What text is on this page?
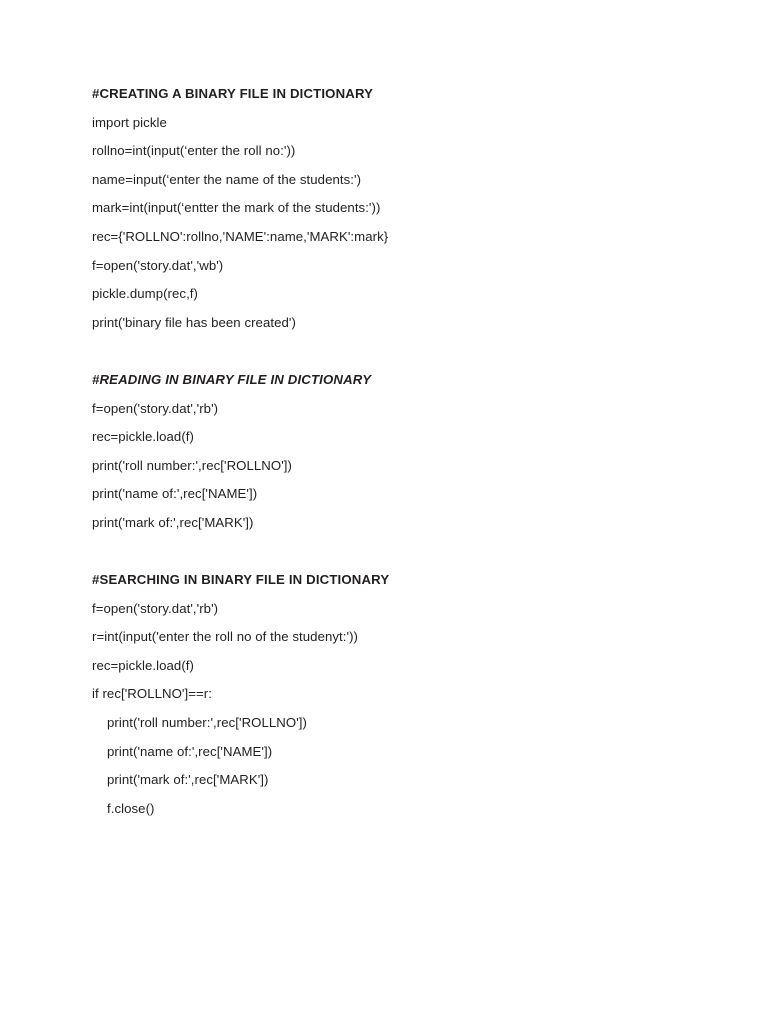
#CREATING A BINARY FILE IN DICTIONARY
import pickle
rollno=int(input(‘enter the roll no:'))
name=input(‘enter the name of the students:')
mark=int(input(‘entter the mark of the students:'))
rec={'ROLLNO':rollno,'NAME':name,'MARK':mark}
f=open('story.dat','wb')
pickle.dump(rec,f)
print('binary file has been created')
#READING IN BINARY FILE IN DICTIONARY
f=open('story.dat','rb')
rec=pickle.load(f)
print('roll number:',rec['ROLLNO'])
print('name of:',rec['NAME'])
print('mark of:',rec['MARK'])
#SEARCHING IN BINARY FILE IN DICTIONARY
f=open('story.dat','rb')
r=int(input('enter the roll no of the studenyt:'))
rec=pickle.load(f)
if rec['ROLLNO']==r:
print('roll number:',rec['ROLLNO'])
print('name of:',rec['NAME'])
print('mark of:',rec['MARK'])
f.close()
